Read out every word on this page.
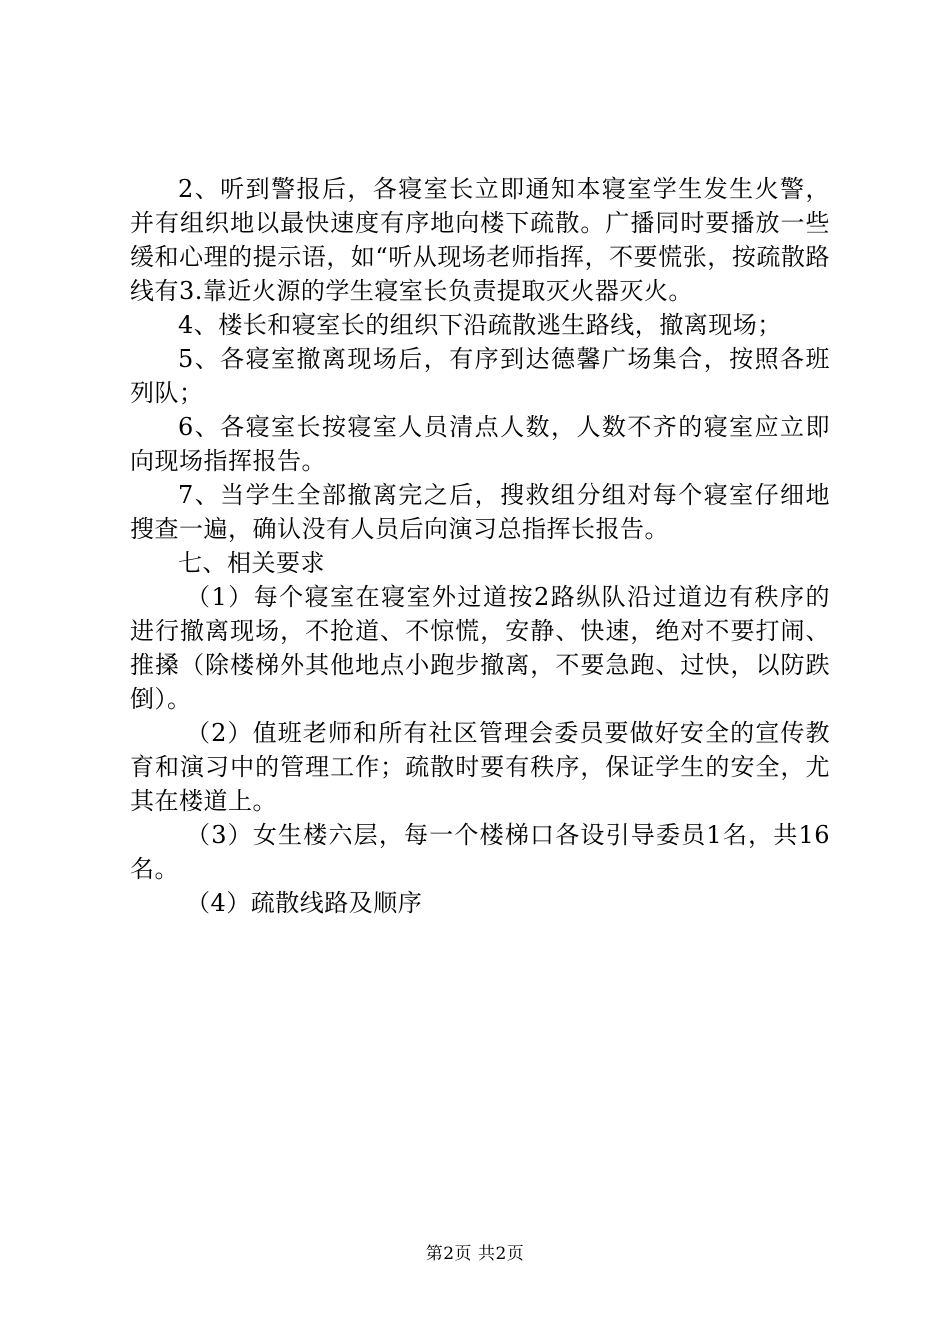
2、听到警报后，各寝室长立即通知本寝室学生发生火警，并有组织地以最快速度有序地向楼下疏散。广播同时要播放一些缓和心理的提示语，如“听从现场老师指挥，不要慌张，按疏散路线有3.靠近火源的学生寝室长负责提取灭火器灭火。

4、楼长和寝室长的组织下沿疏散逃生路线，撤离现场；

5、各寝室撤离现场后，有序到达德馨广场集合，按照各班列队；

6、各寝室长按寝室人员清点人数，人数不齐的寝室应立即向现场指挥报告。

7、当学生全部撤离完之后，搜救组分组对每个寝室仔细地搜查一遍，确认没有人员后向演习总指挥长报告。

七、相关要求

（1）每个寝室在寝室外过道按2路纵队沿过道边有秩序的进行撤离现场，不抢道、不惊慌，安静、快速，绝对不要打闹、推搡（除楼梯外其他地点小跑步撤离，不要急跑、过快，以防跌倒）。

（2）值班老师和所有社区管理会委员要做好安全的宣传教育和演习中的管理工作；疏散时要有秩序，保证学生的安全，尤其在楼道上。

（3）女生楼六层，每一个楼梯口各设引导委员1名，共16名。

（4）疏散线路及顺序

第2页 共2页
